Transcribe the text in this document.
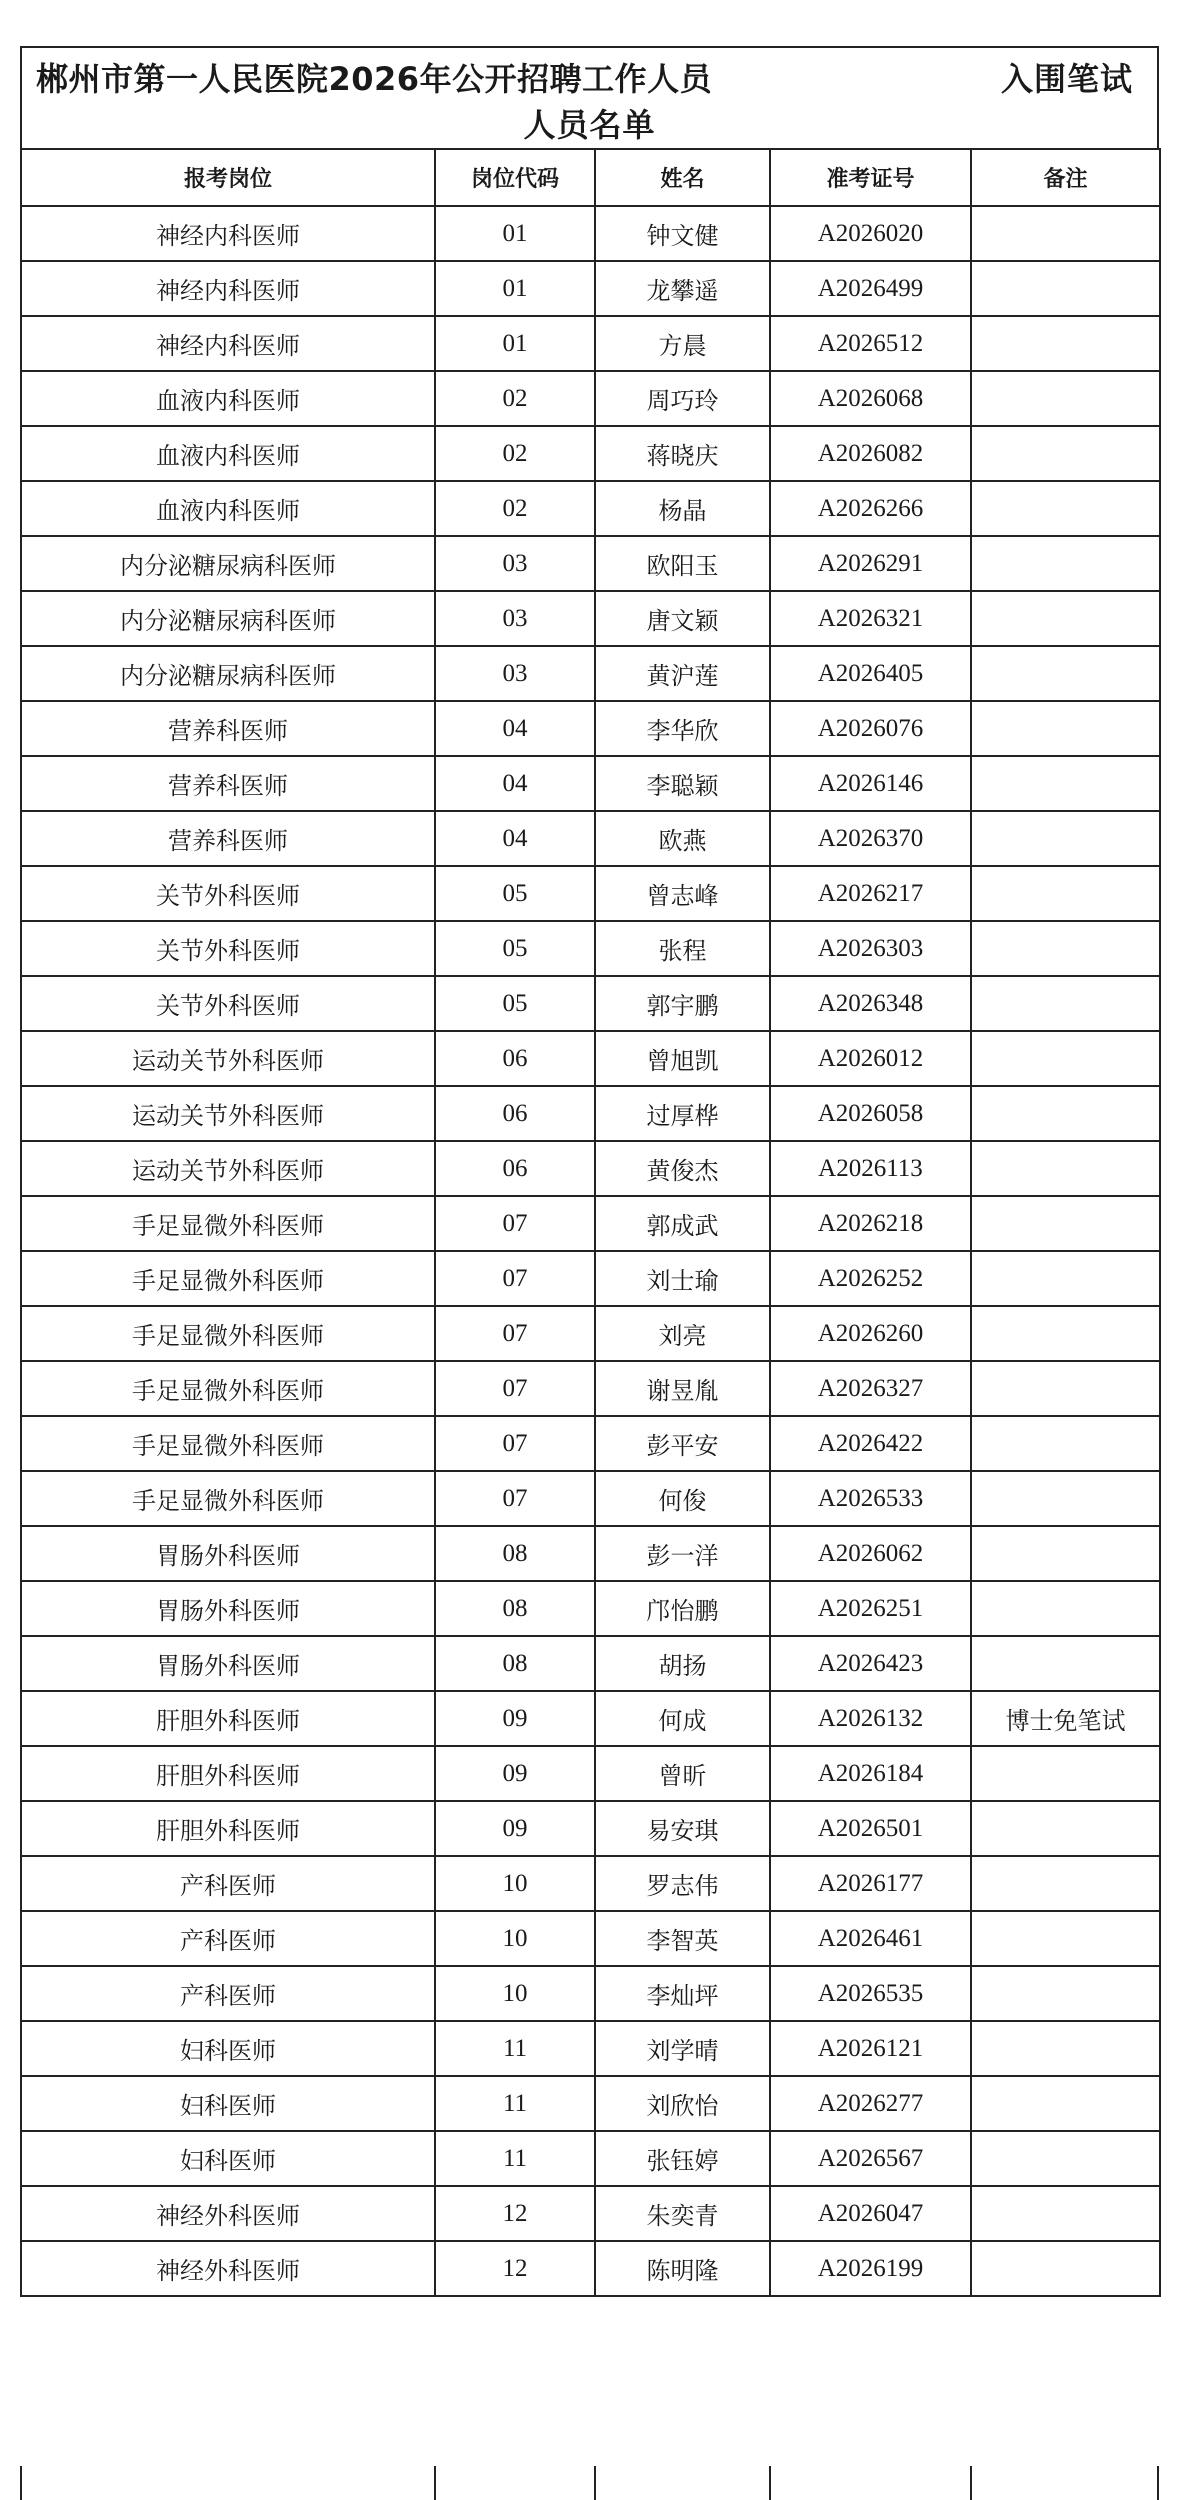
郴州市第一人民医院2026年公开招聘工作人员	入围笔试
人员名单
报考岗位	岗位代码	姓名	准考证号	备注
神经内科医师	01	钟文健	A2026020	
神经内科医师	01	龙攀遥	A2026499	
神经内科医师	01	方晨	A2026512	
血液内科医师	02	周巧玲	A2026068	
血液内科医师	02	蒋晓庆	A2026082	
血液内科医师	02	杨晶	A2026266	
内分泌糖尿病科医师	03	欧阳玉	A2026291	
内分泌糖尿病科医师	03	唐文颖	A2026321	
内分泌糖尿病科医师	03	黄沪莲	A2026405	
营养科医师	04	李华欣	A2026076	
营养科医师	04	李聪颖	A2026146	
营养科医师	04	欧燕	A2026370	
关节外科医师	05	曾志峰	A2026217	
关节外科医师	05	张程	A2026303	
关节外科医师	05	郭宇鹏	A2026348	
运动关节外科医师	06	曾旭凯	A2026012	
运动关节外科医师	06	过厚桦	A2026058	
运动关节外科医师	06	黄俊杰	A2026113	
手足显微外科医师	07	郭成武	A2026218	
手足显微外科医师	07	刘士瑜	A2026252	
手足显微外科医师	07	刘亮	A2026260	
手足显微外科医师	07	谢昱胤	A2026327	
手足显微外科医师	07	彭平安	A2026422	
手足显微外科医师	07	何俊	A2026533	
胃肠外科医师	08	彭一洋	A2026062	
胃肠外科医师	08	邝怡鹏	A2026251	
胃肠外科医师	08	胡扬	A2026423	
肝胆外科医师	09	何成	A2026132	博士免笔试
肝胆外科医师	09	曾昕	A2026184	
肝胆外科医师	09	易安琪	A2026501	
产科医师	10	罗志伟	A2026177	
产科医师	10	李智英	A2026461	
产科医师	10	李灿坪	A2026535	
妇科医师	11	刘学晴	A2026121	
妇科医师	11	刘欣怡	A2026277	
妇科医师	11	张钰婷	A2026567	
神经外科医师	12	朱奕青	A2026047	
神经外科医师	12	陈明隆	A2026199	
